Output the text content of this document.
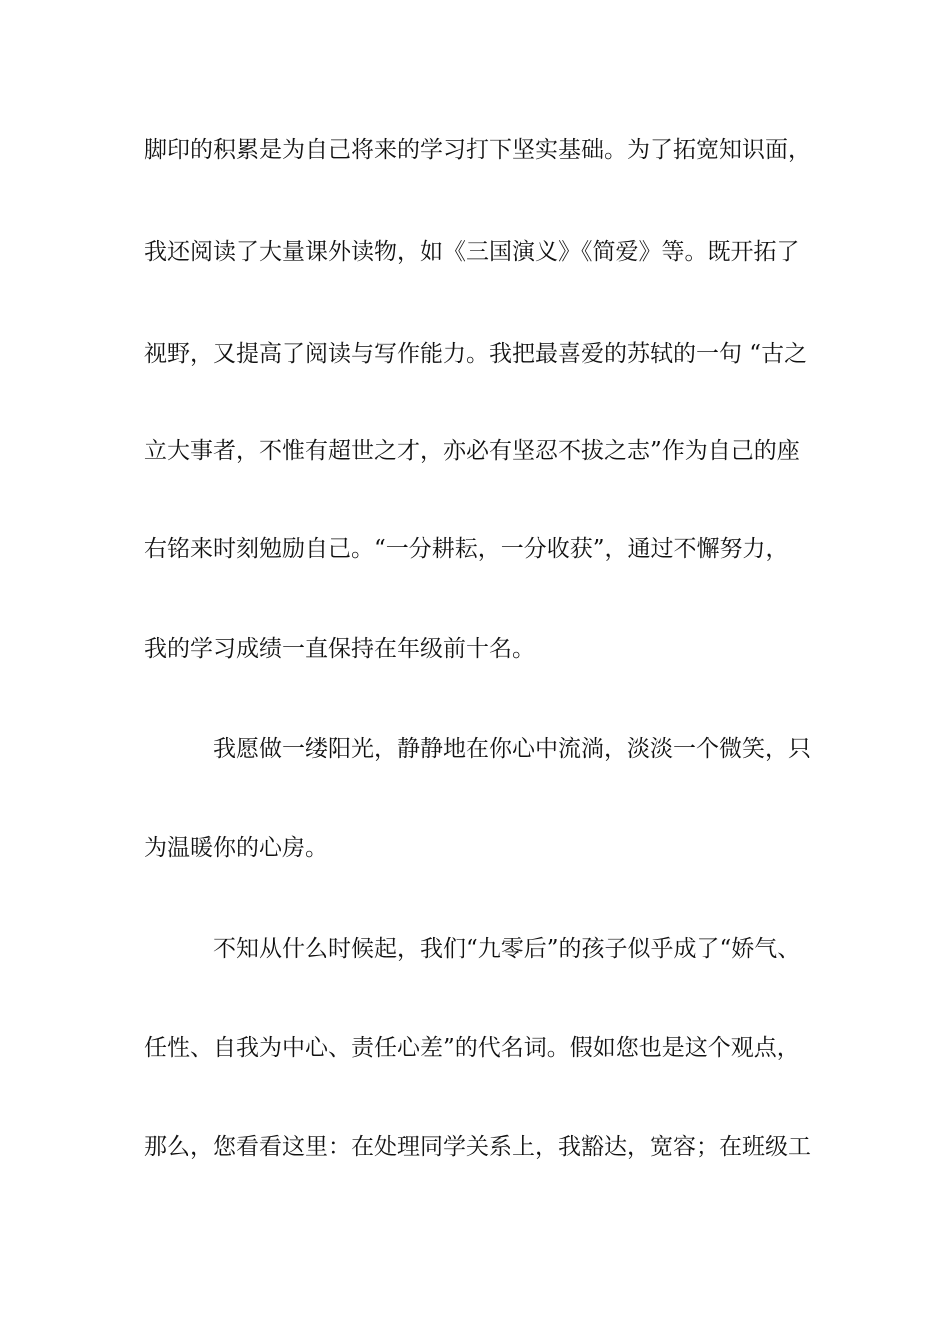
脚印的积累是为自己将来的学习打下坚实基础。为了拓宽知识面，
我还阅读了大量课外读物，如《三国演义》《简爱》等。既开拓了
视野，又提高了阅读与写作能力。我把最喜爱的苏轼的一句 “古之
立大事者，不惟有超世之才，亦必有坚忍不拔之志”作为自己的座
右铭来时刻勉励自己。“一分耕耘，一分收获”，通过不懈努力，
我的学习成绩一直保持在年级前十名。
我愿做一缕阳光，静静地在你心中流淌，淡淡一个微笑，只
为温暖你的心房。
不知从什么时候起，我们“九零后”的孩子似乎成了“娇气、
任性、自我为中心、责任心差”的代名词。假如您也是这个观点，
那么，您看看这里：在处理同学关系上，我豁达，宽容；在班级工
